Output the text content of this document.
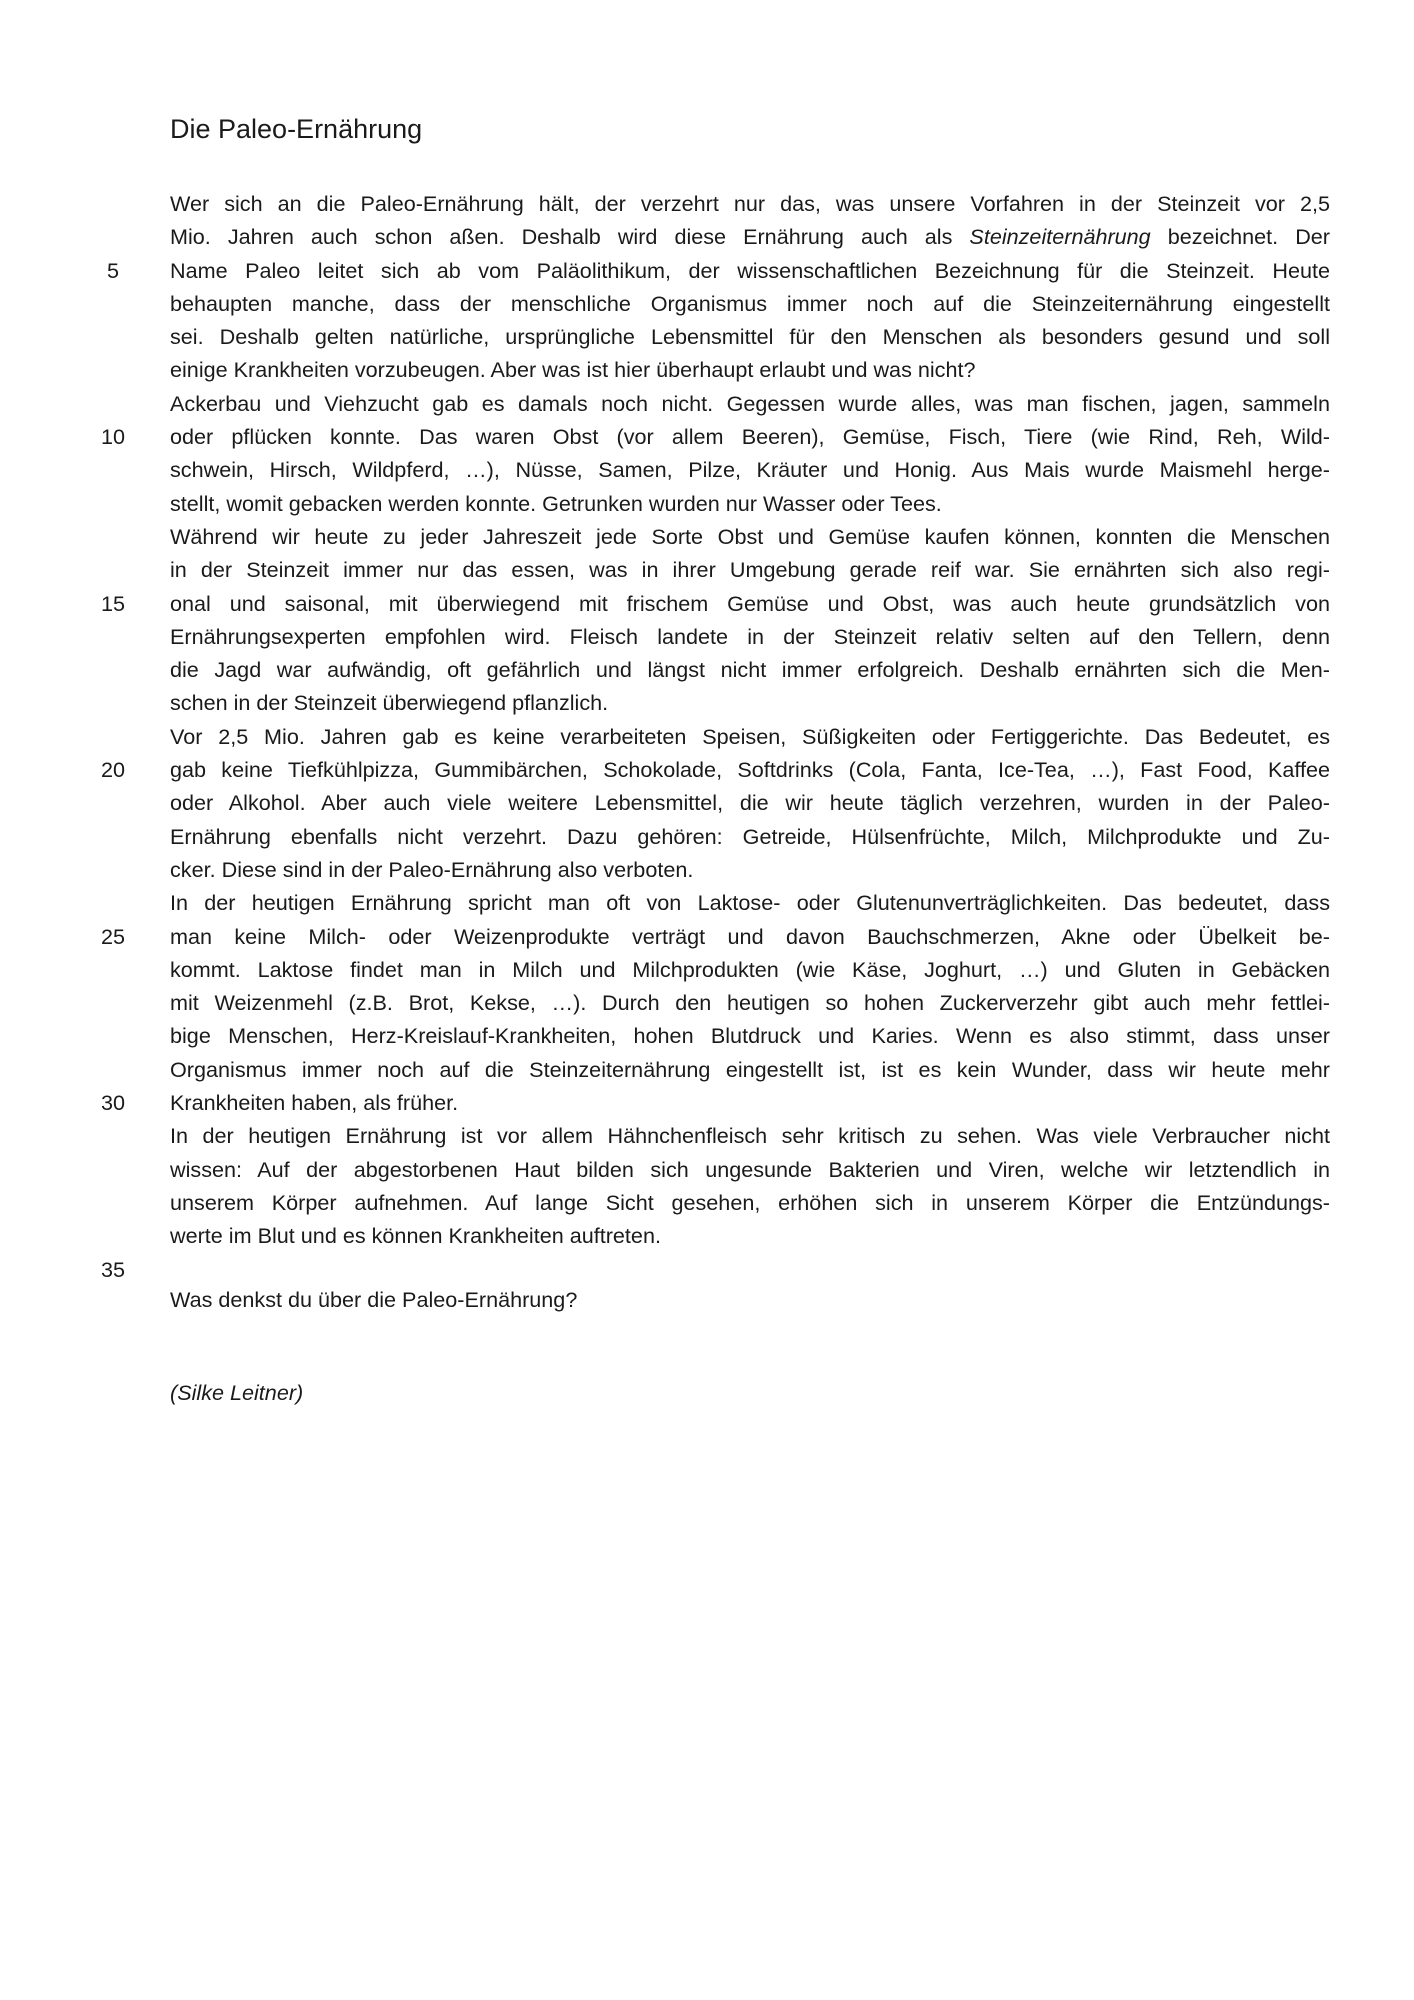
Die Paleo-Ernährung
Wer sich an die Paleo-Ernährung hält, der verzehrt nur das, was unsere Vorfahren in der Steinzeit vor 2,5
Mio. Jahren auch schon aßen. Deshalb wird diese Ernährung auch als Steinzeiternährung bezeichnet. Der
Name Paleo leitet sich ab vom Paläolithikum, der wissenschaftlichen Bezeichnung für die Steinzeit. Heute
behaupten manche, dass der menschliche Organismus immer noch auf die Steinzeiternährung eingestellt
sei. Deshalb gelten natürliche, ursprüngliche Lebensmittel für den Menschen als besonders gesund und soll
einige Krankheiten vorzubeugen. Aber was ist hier überhaupt erlaubt und was nicht?
Ackerbau und Viehzucht gab es damals noch nicht. Gegessen wurde alles, was man fischen, jagen, sammeln
oder pflücken konnte. Das waren Obst (vor allem Beeren), Gemüse, Fisch, Tiere (wie Rind, Reh, Wild-
schwein, Hirsch, Wildpferd, …), Nüsse, Samen, Pilze, Kräuter und Honig. Aus Mais wurde Maismehl herge-
stellt, womit gebacken werden konnte. Getrunken wurden nur Wasser oder Tees.
Während wir heute zu jeder Jahreszeit jede Sorte Obst und Gemüse kaufen können, konnten die Menschen
in der Steinzeit immer nur das essen, was in ihrer Umgebung gerade reif war. Sie ernährten sich also regi-
onal und saisonal, mit überwiegend mit frischem Gemüse und Obst, was auch heute grundsätzlich von
Ernährungsexperten empfohlen wird. Fleisch landete in der Steinzeit relativ selten auf den Tellern, denn
die Jagd war aufwändig, oft gefährlich und längst nicht immer erfolgreich. Deshalb ernährten sich die Men-
schen in der Steinzeit überwiegend pflanzlich.
Vor 2,5 Mio. Jahren gab es keine verarbeiteten Speisen, Süßigkeiten oder Fertiggerichte. Das Bedeutet, es
gab keine Tiefkühlpizza, Gummibärchen, Schokolade, Softdrinks (Cola, Fanta, Ice-Tea, …), Fast Food, Kaffee
oder Alkohol. Aber auch viele weitere Lebensmittel, die wir heute täglich verzehren, wurden in der Paleo-
Ernährung ebenfalls nicht verzehrt. Dazu gehören: Getreide, Hülsenfrüchte, Milch, Milchprodukte und Zu-
cker. Diese sind in der Paleo-Ernährung also verboten.
In der heutigen Ernährung spricht man oft von Laktose- oder Glutenunverträglichkeiten. Das bedeutet, dass
man keine Milch- oder Weizenprodukte verträgt und davon Bauchschmerzen, Akne oder Übelkeit be-
kommt. Laktose findet man in Milch und Milchprodukten (wie Käse, Joghurt, …) und Gluten in Gebäcken
mit Weizenmehl (z.B. Brot, Kekse, …). Durch den heutigen so hohen Zuckerverzehr gibt auch mehr fettlei-
bige Menschen, Herz-Kreislauf-Krankheiten, hohen Blutdruck und Karies. Wenn es also stimmt, dass unser
Organismus immer noch auf die Steinzeiternährung eingestellt ist, ist es kein Wunder, dass wir heute mehr
Krankheiten haben, als früher.
In der heutigen Ernährung ist vor allem Hähnchenfleisch sehr kritisch zu sehen. Was viele Verbraucher nicht
wissen: Auf der abgestorbenen Haut bilden sich ungesunde Bakterien und Viren, welche wir letztendlich in
unserem Körper aufnehmen. Auf lange Sicht gesehen, erhöhen sich in unserem Körper die Entzündungs-
werte im Blut und es können Krankheiten auftreten.
5
10
15
20
25
30
35
Was denkst du über die Paleo-Ernährung?
(Silke Leitner)
